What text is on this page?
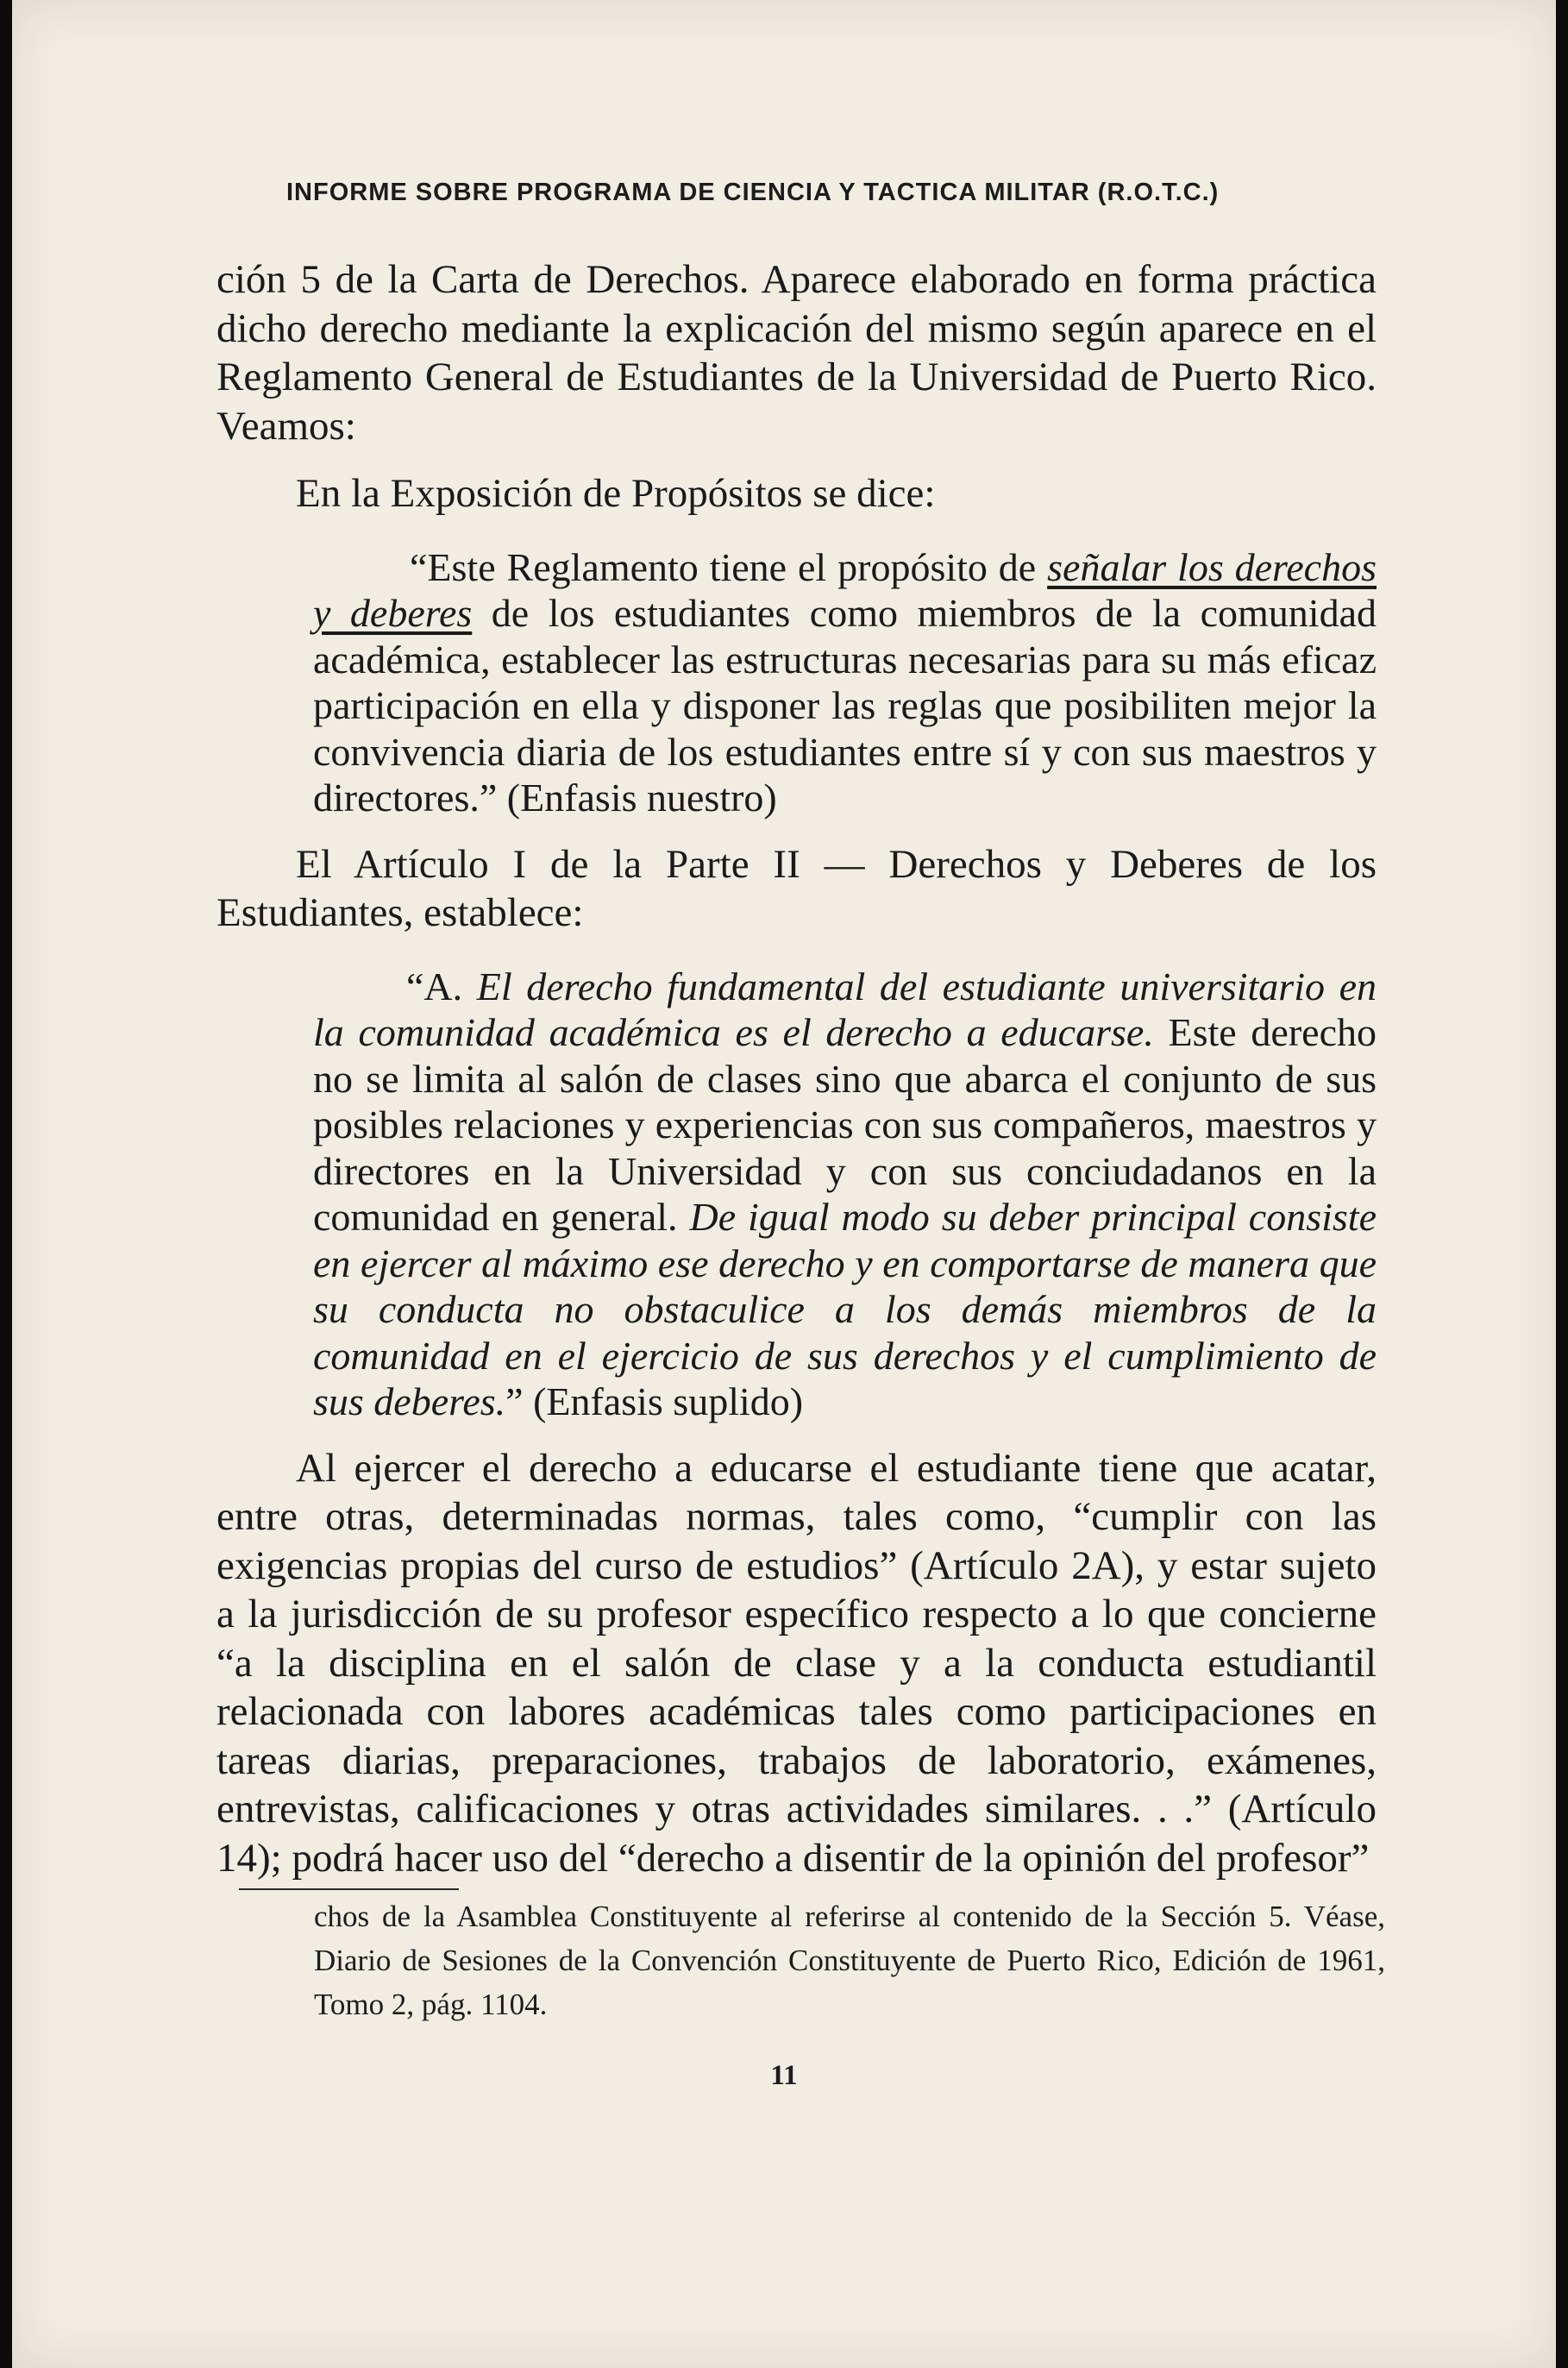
INFORME SOBRE PROGRAMA DE CIENCIA Y TACTICA MILITAR (R.O.T.C.)

ción 5 de la Carta de Derechos. Aparece elaborado en forma práctica dicho derecho mediante la explicación del mismo según aparece en el Reglamento General de Estudiantes de la Universidad de Puerto Rico. Veamos:

En la Exposición de Propósitos se dice:

“Este Reglamento tiene el propósito de señalar los derechos y deberes de los estudiantes como miembros de la comunidad académica, establecer las estructuras necesarias para su más eficaz participación en ella y disponer las reglas que posibiliten mejor la convivencia diaria de los estudiantes entre sí y con sus maestros y directores.” (Enfasis nuestro)

El Artículo I de la Parte II — Derechos y Deberes de los Estudiantes, establece:

“A. El derecho fundamental del estudiante universitario en la comunidad académica es el derecho a educarse. Este derecho no se limita al salón de clases sino que abarca el conjunto de sus posibles relaciones y experiencias con sus compañeros, maestros y directores en la Universidad y con sus conciudadanos en la comunidad en general. De igual modo su deber principal consiste en ejercer al máximo ese derecho y en comportarse de manera que su conducta no obstaculice a los demás miembros de la comunidad en el ejercicio de sus derechos y el cumplimiento de sus deberes.” (Enfasis suplido)

Al ejercer el derecho a educarse el estudiante tiene que acatar, entre otras, determinadas normas, tales como, “cumplir con las exigencias propias del curso de estudios” (Artículo 2A), y estar sujeto a la jurisdicción de su profesor específico respecto a lo que concierne “a la disciplina en el salón de clase y a la conducta estudiantil relacionada con labores académicas tales como participaciones en tareas diarias, preparaciones, trabajos de laboratorio, exámenes, entrevistas, calificaciones y otras actividades similares. . .” (Artículo 14); podrá hacer uso del “derecho a disentir de la opinión del profesor”

chos de la Asamblea Constituyente al referirse al contenido de la Sección 5. Véase, Diario de Sesiones de la Convención Constituyente de Puerto Rico, Edición de 1961, Tomo 2, pág. 1104.
11
